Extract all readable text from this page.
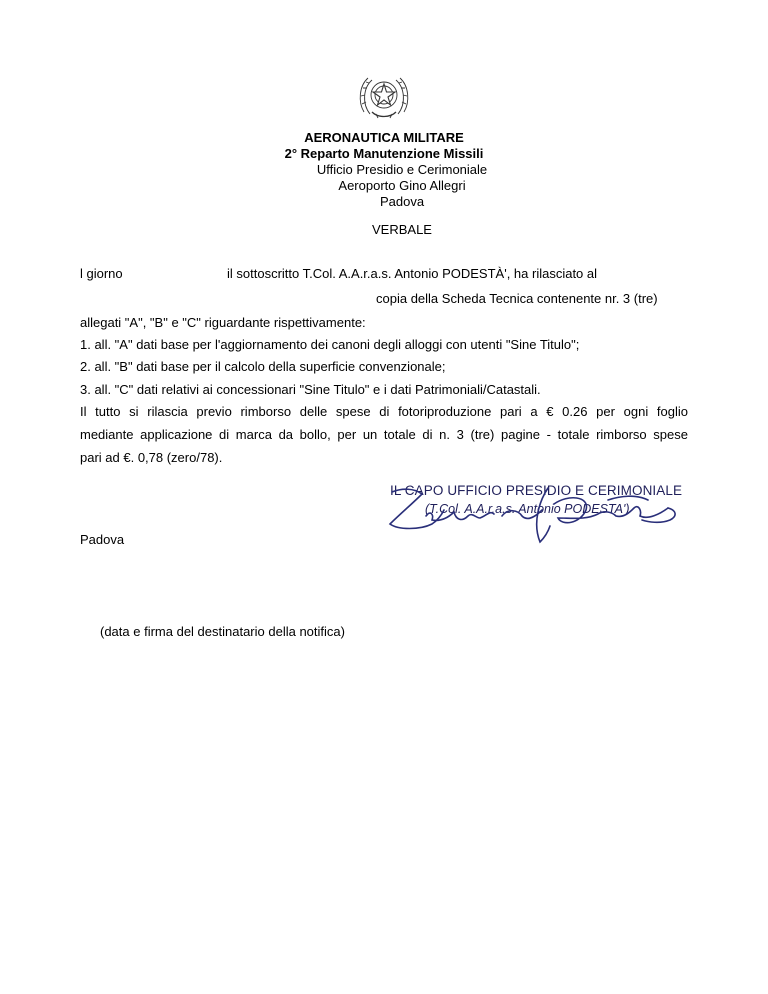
AERONAUTICA MILITARE
2° Reparto Manutenzione Missili
Ufficio Presidio e Cerimoniale
Aeroporto Gino Allegri
Padova
VERBALE
l giorno	il sottoscritto T.Col. A.A.r.a.s. Antonio PODESTÀ', ha rilasciato al
copia della Scheda Tecnica contenente nr. 3 (tre)
allegati "A", "B" e "C" riguardante rispettivamente:
1. all. "A" dati base per l'aggiornamento dei canoni degli alloggi con utenti "Sine Titulo";
2. all. "B" dati base per il calcolo della superficie convenzionale;
3. all. "C" dati relativi ai concessionari "Sine Titulo" e i dati Patrimoniali/Catastali.
Il tutto si rilascia previo rimborso delle spese di fotoriproduzione pari a € 0.26 per ogni foglio
mediante applicazione di marca da bollo, per un totale di n. 3 (tre) pagine - totale rimborso spese
pari ad €. 0,78 (zero/78).
IL CAPO UFFICIO PRESIDIO E CERIMONIALE
(T.Col. A.A.r.a.s. Antonio PODESTA')
Padova
(data e firma del destinatario della notifica)
